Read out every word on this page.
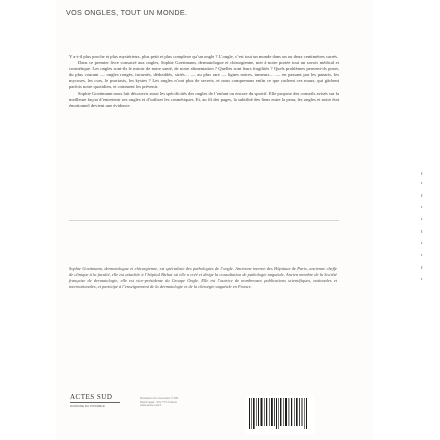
VOS ONGLES, TOUT UN MONDE.

Y a-t-il plus proche et plus mystérieux, plus petit et plus complexe qu’un ongle ? L’ongle, c’est tout un monde dans un ou deux centimètres carrés.

Dans ce premier livre consacré aux ongles, Sophie Goettmann, dermatologue et chirurgienne, met à notre portée tout un savoir médical et cosmétique. Les ongles sont-ils le miroir de notre santé, de notre alimentation ? Quelles sont leurs fragilités ? Quels problèmes peuvent-ils poser, du plus courant — ongles rongés, incarnés, dédoublés, striés… — au plus rare — lignes noires, tumeurs… — en passant par les panaris, les mycoses, les cors, le psoriasis, les kystes ? Les ongles n’ont plus de secrets, et nous comprenons enfin ce que cachent ces maux, qui gâchent parfois notre quotidien, et comment les prévenir.

Sophie Goettmann nous fait découvrir aussi les spécificités des ongles de l’enfant ou encore du sportif. Elle propose des conseils avisés sur la meilleure façon d’entretenir ses ongles et d’utiliser les cosmétiques. Et, au fil des pages, la subtilité des liens entre la peau, les ongles et notre état émotionnel devient une évidence.

Sophie Goettmann, dermatologue et chirurgienne, est spécialiste des pathologies de l’ongle. Ancienne interne des Hôpitaux de Paris, ancienne cheffe de clinique à la faculté, elle est attachée à l’hôpital Bichat où elle a créé et dirige la consultation de pathologie unguéale. Ancien membre de la Société française de dermatologie, elle est vice-présidente du Groupe Ongle. Elle est l’autrice de nombreuses publications scientifiques, nationales et internationales, et participe à l’enseignement de la dermatologie et de la chirurgie unguéale en France.
ACTES SUD
DOMAINE DU POSSIBLE
Illustration de couverture © DR
Dépôt légal · Prix TTC France
www.actes-sud.fr
